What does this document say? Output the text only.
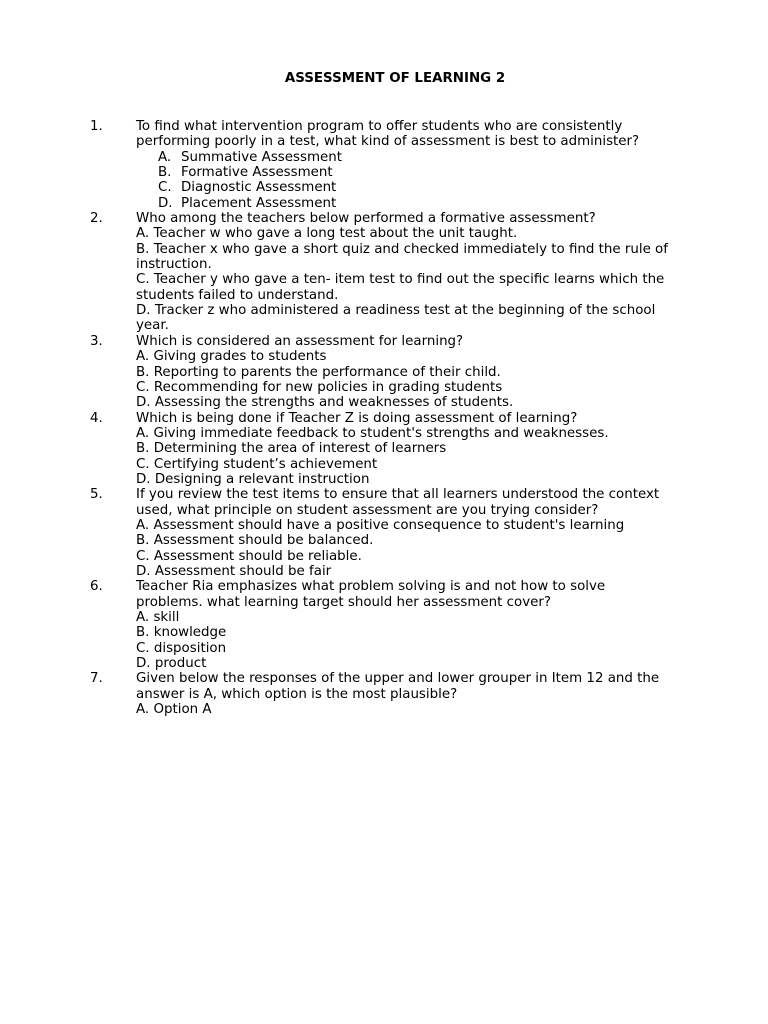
ASSESSMENT OF LEARNING 2
1. To find what intervention program to offer students who are consistently performing poorly in a test, what kind of assessment is best to administer?
A. Summative Assessment
B. Formative Assessment
C. Diagnostic Assessment
D. Placement Assessment
2. Who among the teachers below performed a formative assessment?
A. Teacher w who gave a long test about the unit taught.
B. Teacher x who gave a short quiz and checked immediately to find the rule of instruction.
C. Teacher y who gave a ten- item test to find out the specific learns which the students failed to understand.
D. Tracker z who administered a readiness test at the beginning of the school year.
3. Which is considered an assessment for learning?
A. Giving grades to students
B. Reporting to parents the performance of their child.
C. Recommending for new policies in grading students
D. Assessing the strengths and weaknesses of students.
4. Which is being done if Teacher Z is doing assessment of learning?
A. Giving immediate feedback to student's strengths and weaknesses.
B. Determining the area of interest of learners
C. Certifying student’s achievement
D. Designing a relevant instruction
5. If you review the test items to ensure that all learners understood the context used, what principle on student assessment are you trying consider?
A. Assessment should have a positive consequence to student's learning
B. Assessment should be balanced.
C. Assessment should be reliable.
D. Assessment should be fair
6. Teacher Ria emphasizes what problem solving is and not how to solve problems. what learning target should her assessment cover?
A. skill
B. knowledge
C. disposition
D. product
7. Given below the responses of the upper and lower grouper in Item 12 and the answer is A, which option is the most plausible?
A. Option A
